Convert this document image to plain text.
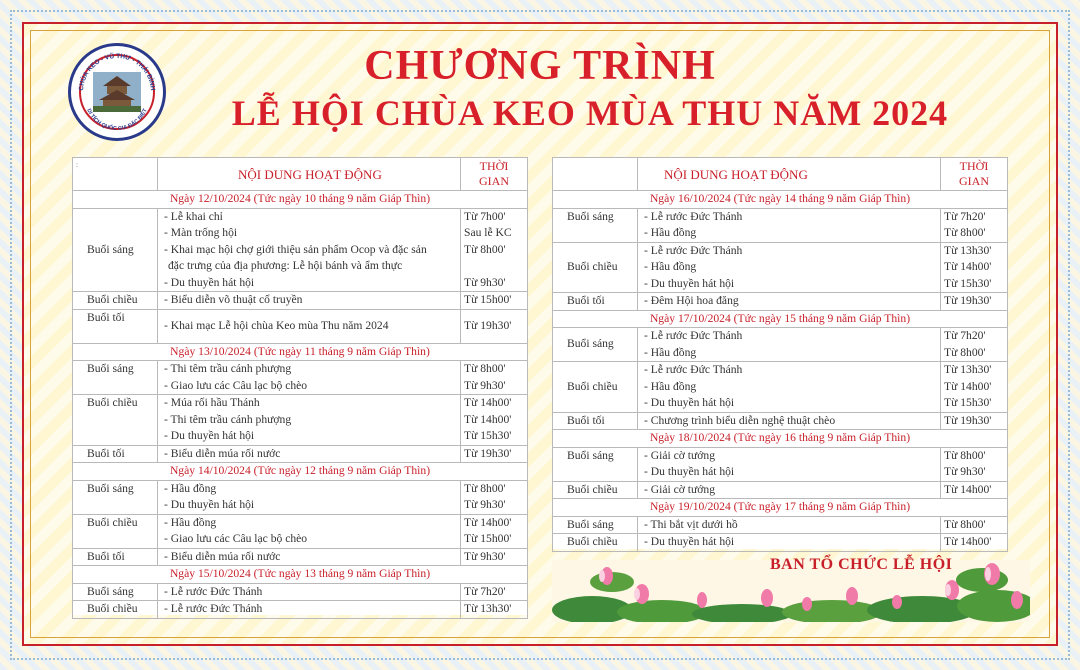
CHÙA KEO - VŨ THƯ - THÁI BÌNH
DI TÍCH QUỐC GIA ĐẶC BIỆT
CHƯƠNG TRÌNH
LỄ HỘI CHÙA KEO MÙA THU NĂM 2024
:	NỘI DUNG HOẠT ĐỘNG	THỜI
GIAN
Ngày 12/10/2024 (Tức ngày 10 tháng 9 năm Giáp Thìn)		
Buổi sáng	- Lễ khai chỉ	Từ 7h00'
	- Màn trống hội	Sau lễ KC
	- Khai mạc hội chợ giới thiệu sản phẩm Ocop và đặc sản	Từ 8h00'
	đặc trưng của địa phương: Lễ hội bánh và ẩm thực	
	- Du thuyền hát hội	Từ 9h30'
Buổi chiều	- Biểu diễn võ thuật cổ truyền	Từ 15h00'
Buổi tối	- Khai mạc Lễ hội chùa Keo mùa Thu năm 2024	Từ 19h30'
Ngày 13/10/2024 (Tức ngày 11 tháng 9 năm Giáp Thìn)		
Buổi sáng	- Thi têm trầu cánh phượng	Từ 8h00'
	- Giao lưu các Câu lạc bộ chèo	Từ 9h30'
Buổi chiều	- Múa rối hầu Thánh	Từ 14h00'
	- Thi têm trầu cánh phượng	Từ 14h00'
	- Du thuyền hát hội	Từ 15h30'
Buổi tối	- Biểu diễn múa rối nước	Từ 19h30'
Ngày 14/10/2024 (Tức ngày 12 tháng 9 năm Giáp Thìn)		
Buổi sáng	- Hầu đồng	Từ 8h00'
	- Du thuyền hát hội	Từ 9h30'
Buổi chiều	- Hầu đồng	Từ 14h00'
	- Giao lưu các Câu lạc bộ chèo	Từ 15h00'
Buổi tối	- Biểu diễn múa rối nước	Từ 9h30'
Ngày 15/10/2024 (Tức ngày 13 tháng 9 năm Giáp Thìn)		
Buổi sáng	- Lễ rước Đức Thánh	Từ 7h20'
Buổi chiều	- Lễ rước Đức Thánh	Từ 13h30'
	NỘI DUNG HOẠT ĐỘNG	THỜI
GIAN
Ngày 16/10/2024 (Tức ngày 14 tháng 9 năm Giáp Thìn)		
Buổi sáng	- Lễ rước Đức Thánh	Từ 7h20'
	- Hầu đồng	Từ 8h00'
Buổi chiều	- Lễ rước Đức Thánh	Từ 13h30'
	- Hầu đồng	Từ 14h00'
	- Du thuyền hát hội	Từ 15h30'
Buổi tối	- Đêm Hội hoa đăng	Từ 19h30'
Ngày 17/10/2024 (Tức ngày 15 tháng 9 năm Giáp Thìn)		
Buổi sáng	- Lễ rước Đức Thánh	Từ 7h20'
	- Hầu đồng	Từ 8h00'
Buổi chiều	- Lễ rước Đức Thánh	Từ 13h30'
	- Hầu đồng	Từ 14h00'
	- Du thuyền hát hội	Từ 15h30'
Buổi tối	- Chương trình biểu diễn nghệ thuật chèo	Từ 19h30'
Ngày 18/10/2024 (Tức ngày 16 tháng 9 năm Giáp Thìn)		
Buổi sáng	- Giải cờ tướng	Từ 8h00'
	- Du thuyền hát hội	Từ 9h30'
Buổi chiều	- Giải cờ tướng	Từ 14h00'
Ngày 19/10/2024 (Tức ngày 17 tháng 9 năm Giáp Thìn)		
Buổi sáng	- Thi bắt vịt dưới hồ	Từ 8h00'
Buổi chiều	- Du thuyền hát hội	Từ 14h00'
BAN TỔ CHỨC LỄ HỘI
